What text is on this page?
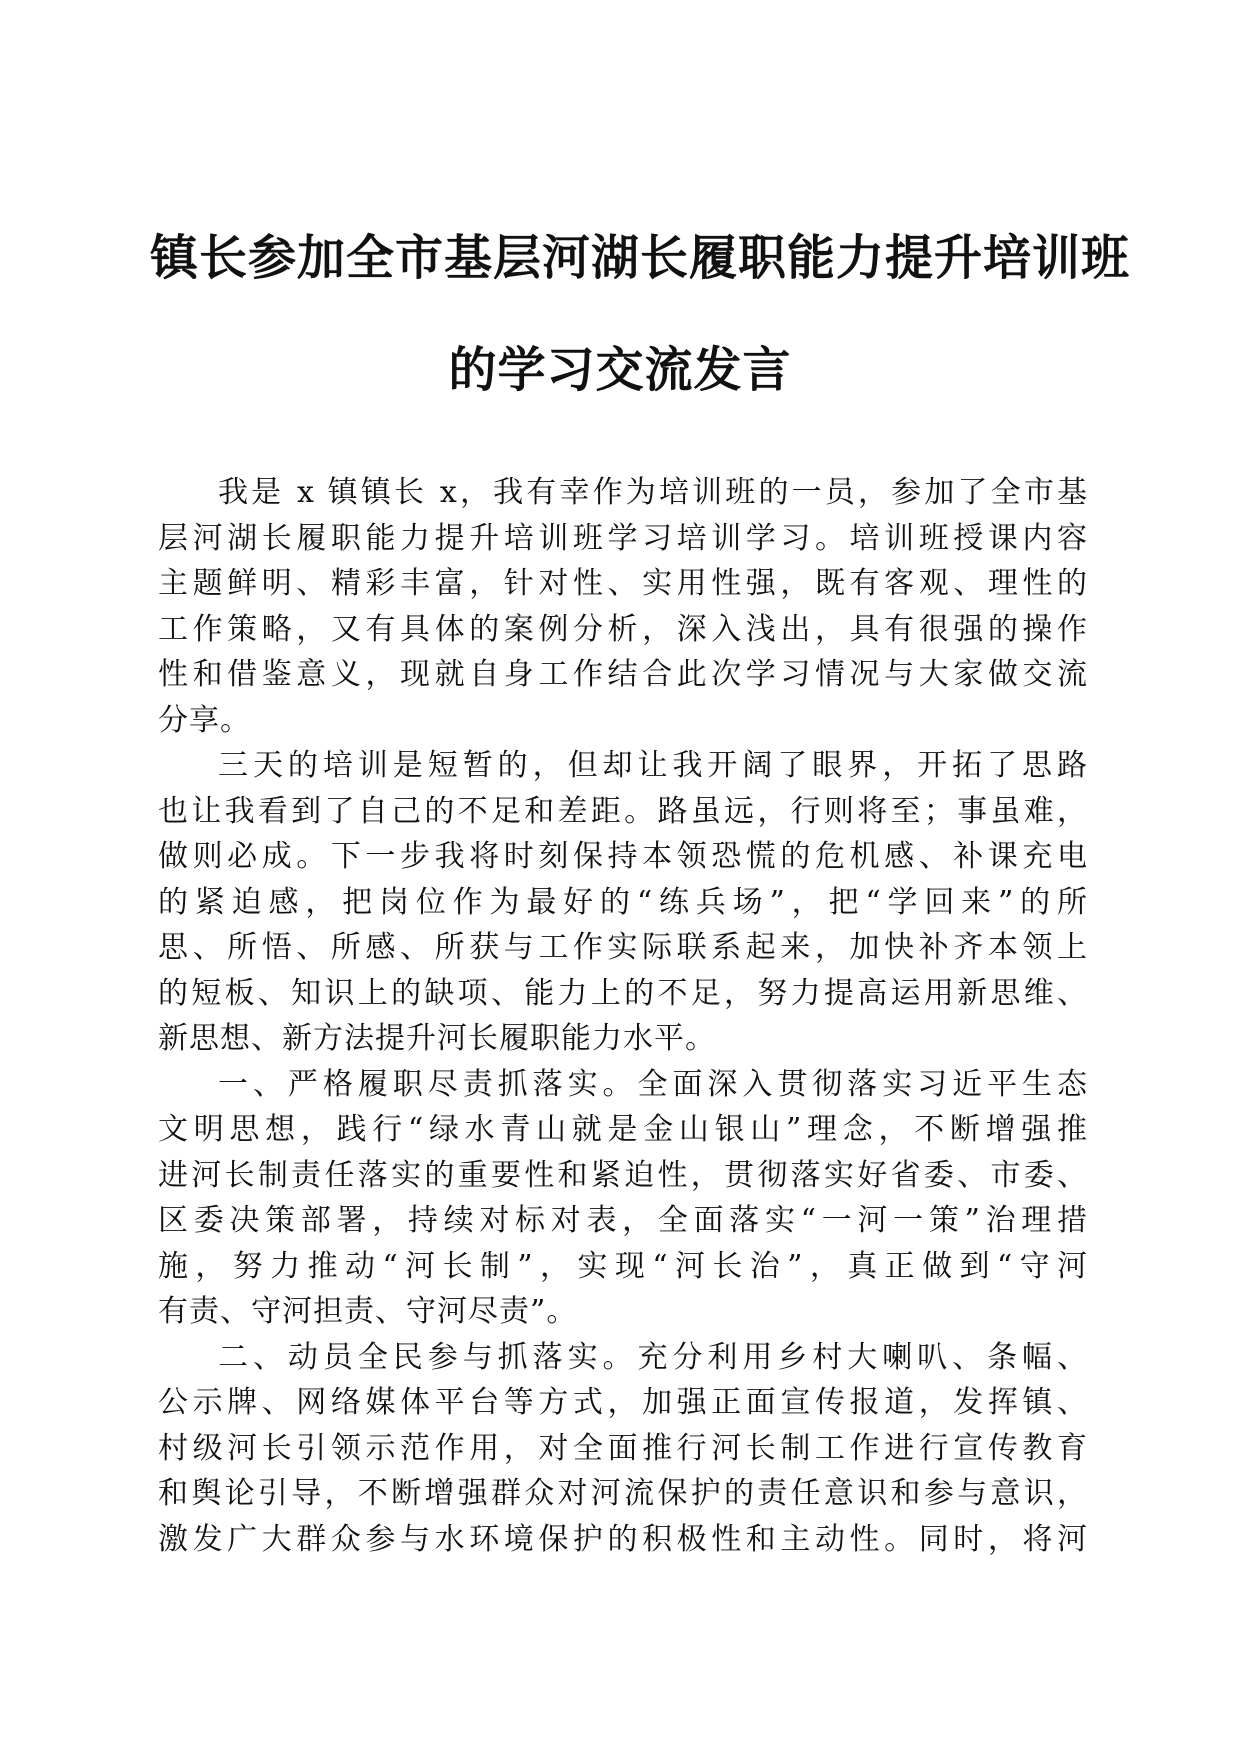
镇长参加全市基层河湖长履职能力提升培训班
的学习交流发言
我是 x 镇镇长 x，我有幸作为培训班的一员，参加了全市基
层河湖长履职能力提升培训班学习培训学习。培训班授课内容
主题鲜明、精彩丰富，针对性、实用性强，既有客观、理性的
工作策略，又有具体的案例分析，深入浅出，具有很强的操作
性和借鉴意义，现就自身工作结合此次学习情况与大家做交流
分享。
三天的培训是短暂的，但却让我开阔了眼界，开拓了思路
也让我看到了自己的不足和差距。路虽远，行则将至；事虽难，
做则必成。下一步我将时刻保持本领恐慌的危机感、补课充电
的紧迫感，把岗位作为最好的“练兵场”，把“学回来”的所
思、所悟、所感、所获与工作实际联系起来，加快补齐本领上
的短板、知识上的缺项、能力上的不足，努力提高运用新思维、
新思想、新方法提升河长履职能力水平。
一、严格履职尽责抓落实。全面深入贯彻落实习近平生态
文明思想，践行“绿水青山就是金山银山”理念，不断增强推
进河长制责任落实的重要性和紧迫性，贯彻落实好省委、市委、
区委决策部署，持续对标对表，全面落实“一河一策”治理措
施，努力推动“河长制”，实现“河长治”，真正做到“守河
有责、守河担责、守河尽责”。
二、动员全民参与抓落实。充分利用乡村大喇叭、条幅、
公示牌、网络媒体平台等方式，加强正面宣传报道，发挥镇、
村级河长引领示范作用，对全面推行河长制工作进行宣传教育
和舆论引导，不断增强群众对河流保护的责任意识和参与意识，
激发广大群众参与水环境保护的积极性和主动性。同时，将河
